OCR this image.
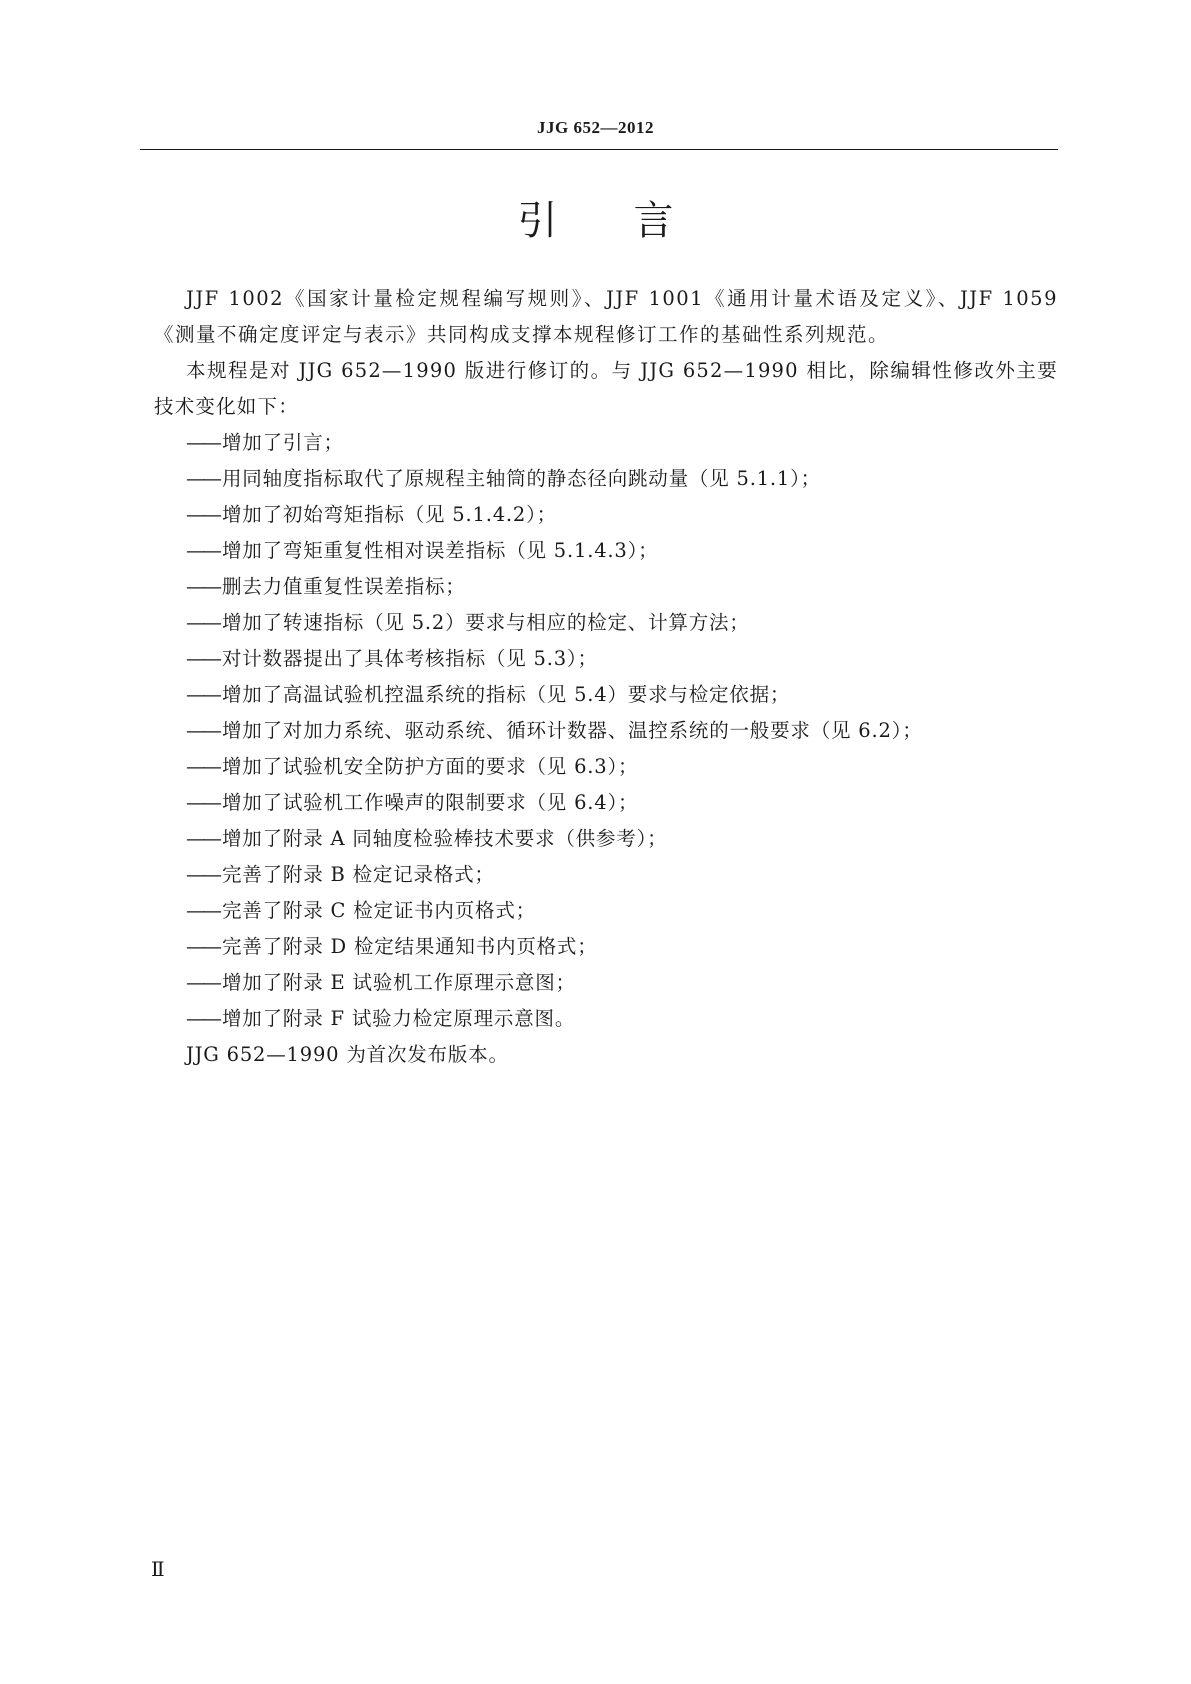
JJG 652—2012
引言

JJF 1002《国家计量检定规程编写规则》、JJF 1001《通用计量术语及定义》、JJF 1059《测量不确定度评定与表示》共同构成支撑本规程修订工作的基础性系列规范。

本规程是对 JJG 652—1990 版进行修订的。与 JJG 652—1990 相比，除编辑性修改外主要技术变化如下：

—— 增加了引言；

—— 用同轴度指标取代了原规程主轴筒的静态径向跳动量（见 5.1.1）；

—— 增加了初始弯矩指标（见 5.1.4.2）；

—— 增加了弯矩重复性相对误差指标（见 5.1.4.3）；

—— 删去力值重复性误差指标；

—— 增加了转速指标（见 5.2）要求与相应的检定、计算方法；

—— 对计数器提出了具体考核指标（见 5.3）；

—— 增加了高温试验机控温系统的指标（见 5.4）要求与检定依据；

—— 增加了对加力系统、驱动系统、循环计数器、温控系统的一般要求（见 6.2）；

—— 增加了试验机安全防护方面的要求（见 6.3）；

—— 增加了试验机工作噪声的限制要求（见 6.4）；

—— 增加了附录 A 同轴度检验棒技术要求（供参考）；

—— 完善了附录 B 检定记录格式；

—— 完善了附录 C 检定证书内页格式；

—— 完善了附录 D 检定结果通知书内页格式；

—— 增加了附录 E 试验机工作原理示意图；

—— 增加了附录 F 试验力检定原理示意图。

JJG 652—1990 为首次发布版本。

Ⅱ
